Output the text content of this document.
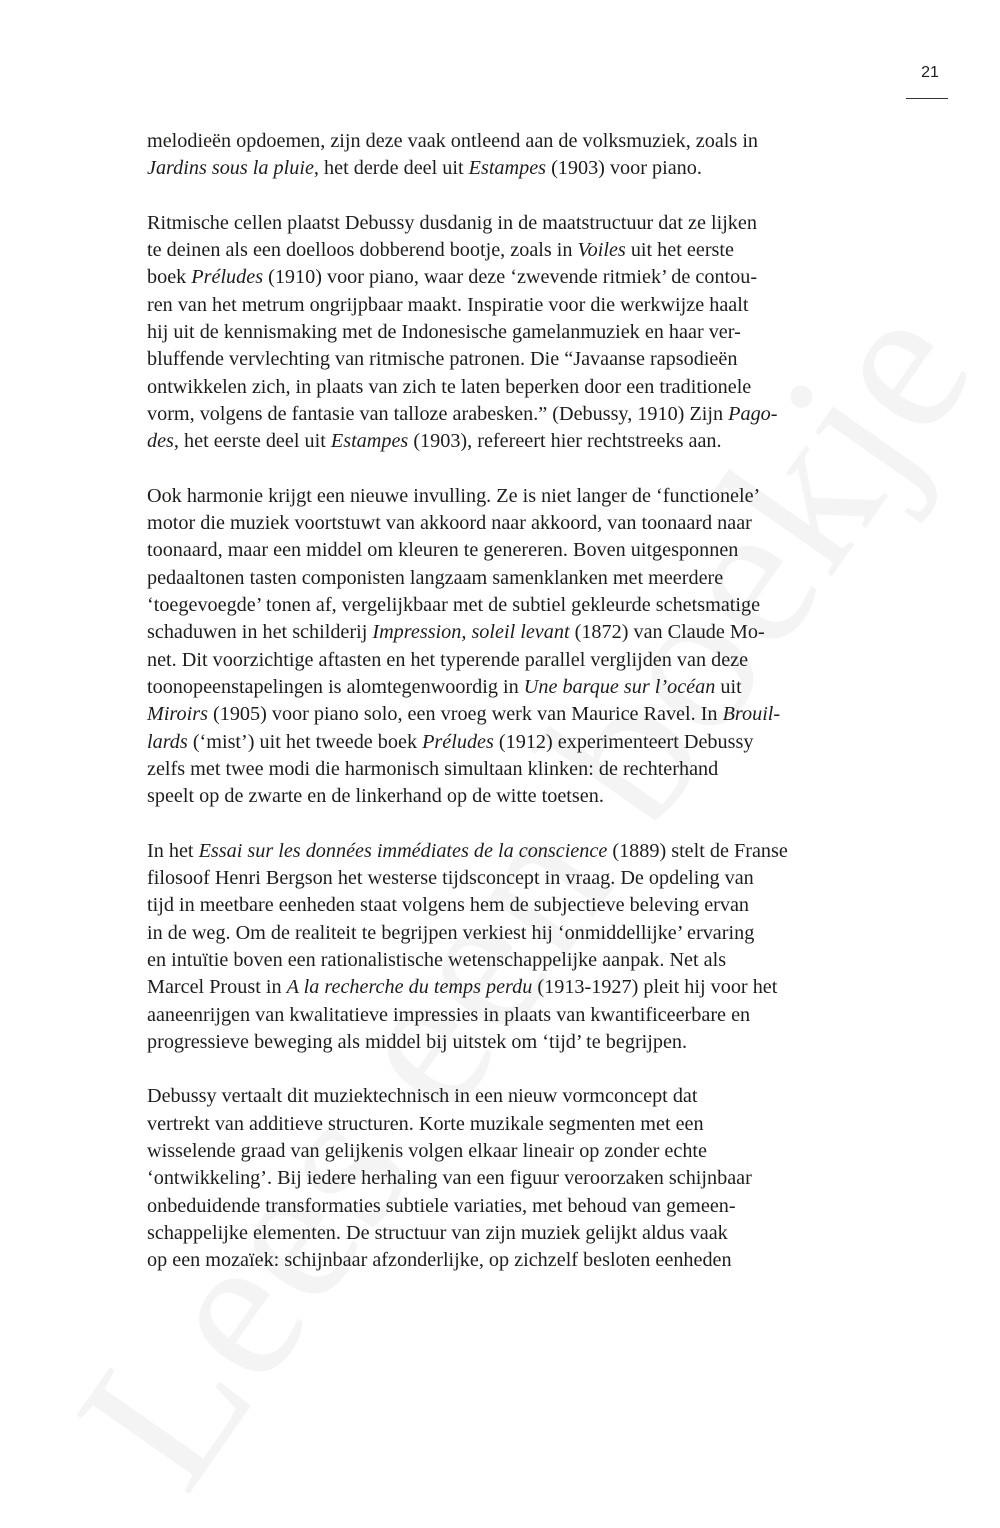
21
melodieën opdoemen, zijn deze vaak ontleend aan de volksmuziek, zoals in
Jardins sous la pluie, het derde deel uit Estampes (1903) voor piano.
Ritmische cellen plaatst Debussy dusdanig in de maatstructuur dat ze lijken
te deinen als een doelloos dobberend bootje, zoals in Voiles uit het eerste
boek Préludes (1910) voor piano, waar deze ‘zwevende ritmiek’ de contou-
ren van het metrum ongrijpbaar maakt. Inspiratie voor die werkwijze haalt
hij uit de kennismaking met de Indonesische gamelanmuziek en haar ver-
bluffende vervlechting van ritmische patronen. Die “Javaanse rapsodieën
ontwikkelen zich, in plaats van zich te laten beperken door een traditionele
vorm, volgens de fantasie van talloze arabesken.” (Debussy, 1910) Zijn Pago-
des, het eerste deel uit Estampes (1903), refereert hier rechtstreeks aan.
Ook harmonie krijgt een nieuwe invulling. Ze is niet langer de ‘functionele’
motor die muziek voortstuwt van akkoord naar akkoord, van toonaard naar
toonaard, maar een middel om kleuren te genereren. Boven uitgesponnen
pedaaltonen tasten componisten langzaam samenklanken met meerdere
‘toegevoegde’ tonen af, vergelijkbaar met de subtiel gekleurde schetsmatige
schaduwen in het schilderij Impression, soleil levant (1872) van Claude Mo-
net. Dit voorzichtige aftasten en het typerende parallel verglijden van deze
toonopeenstapelingen is alomtegenwoordig in Une barque sur l’océan uit
Miroirs (1905) voor piano solo, een vroeg werk van Maurice Ravel. In Brouil-
lards (‘mist’) uit het tweede boek Préludes (1912) experimenteert Debussy
zelfs met twee modi die harmonisch simultaan klinken: de rechterhand
speelt op de zwarte en de linkerhand op de witte toetsen.
In het Essai sur les données immédiates de la conscience (1889) stelt de Franse
filosoof Henri Bergson het westerse tijdsconcept in vraag. De opdeling van
tijd in meetbare eenheden staat volgens hem de subjectieve beleving ervan
in de weg. Om de realiteit te begrijpen verkiest hij ‘onmiddellijke’ ervaring
en intuïtie boven een rationalistische wetenschappelijke aanpak. Net als
Marcel Proust in A la recherche du temps perdu (1913-1927) pleit hij voor het
aaneenrijgen van kwalitatieve impressies in plaats van kwantificeerbare en
progressieve beweging als middel bij uitstek om ‘tijd’ te begrijpen.
Debussy vertaalt dit muziektechnisch in een nieuw vormconcept dat
vertrekt van additieve structuren. Korte muzikale segmenten met een
wisselende graad van gelijkenis volgen elkaar lineair op zonder echte
‘ontwikkeling’. Bij iedere herhaling van een figuur veroorzaken schijnbaar
onbeduidende transformaties subtiele variaties, met behoud van gemeen-
schappelijke elementen. De structuur van zijn muziek gelijkt aldus vaak
op een mozaïek: schijnbaar afzonderlijke, op zichzelf besloten eenheden
